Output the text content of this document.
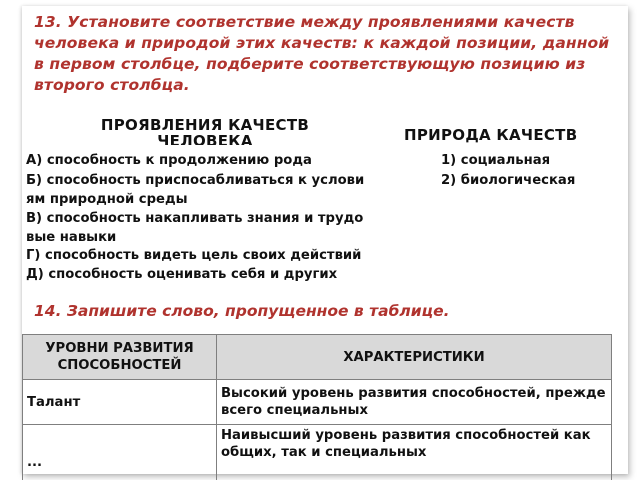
13. Установите соответствие между проявлениями качеств человека и природой этих качеств: к каждой позиции, данной в первом столбце, подберите соответствующую позицию из второго столбца.
ПРОЯВЛЕНИЯ КАЧЕСТВ ЧЕЛОВЕКА	ПРИРОДА КАЧЕСТВ
А) способность к продолжению рода
Б) способность приспосабливаться к услови
ям природной среды
В) способность накапливать знания и трудо
вые навыки
Г) способность видеть цель своих действий
Д) способность оценивать себя и других
1) социальная
2) биологическая
14. Запишите слово, пропущенное в таблице.
УРОВНИ РАЗВИТИЯ СПОСОБНОСТЕЙ	ХАРАКТЕРИСТИКИ
Талант	Высокий уровень развития способностей, прежде всего специальных
...	Наивысший уровень развития способностей как общих, так и специальных
